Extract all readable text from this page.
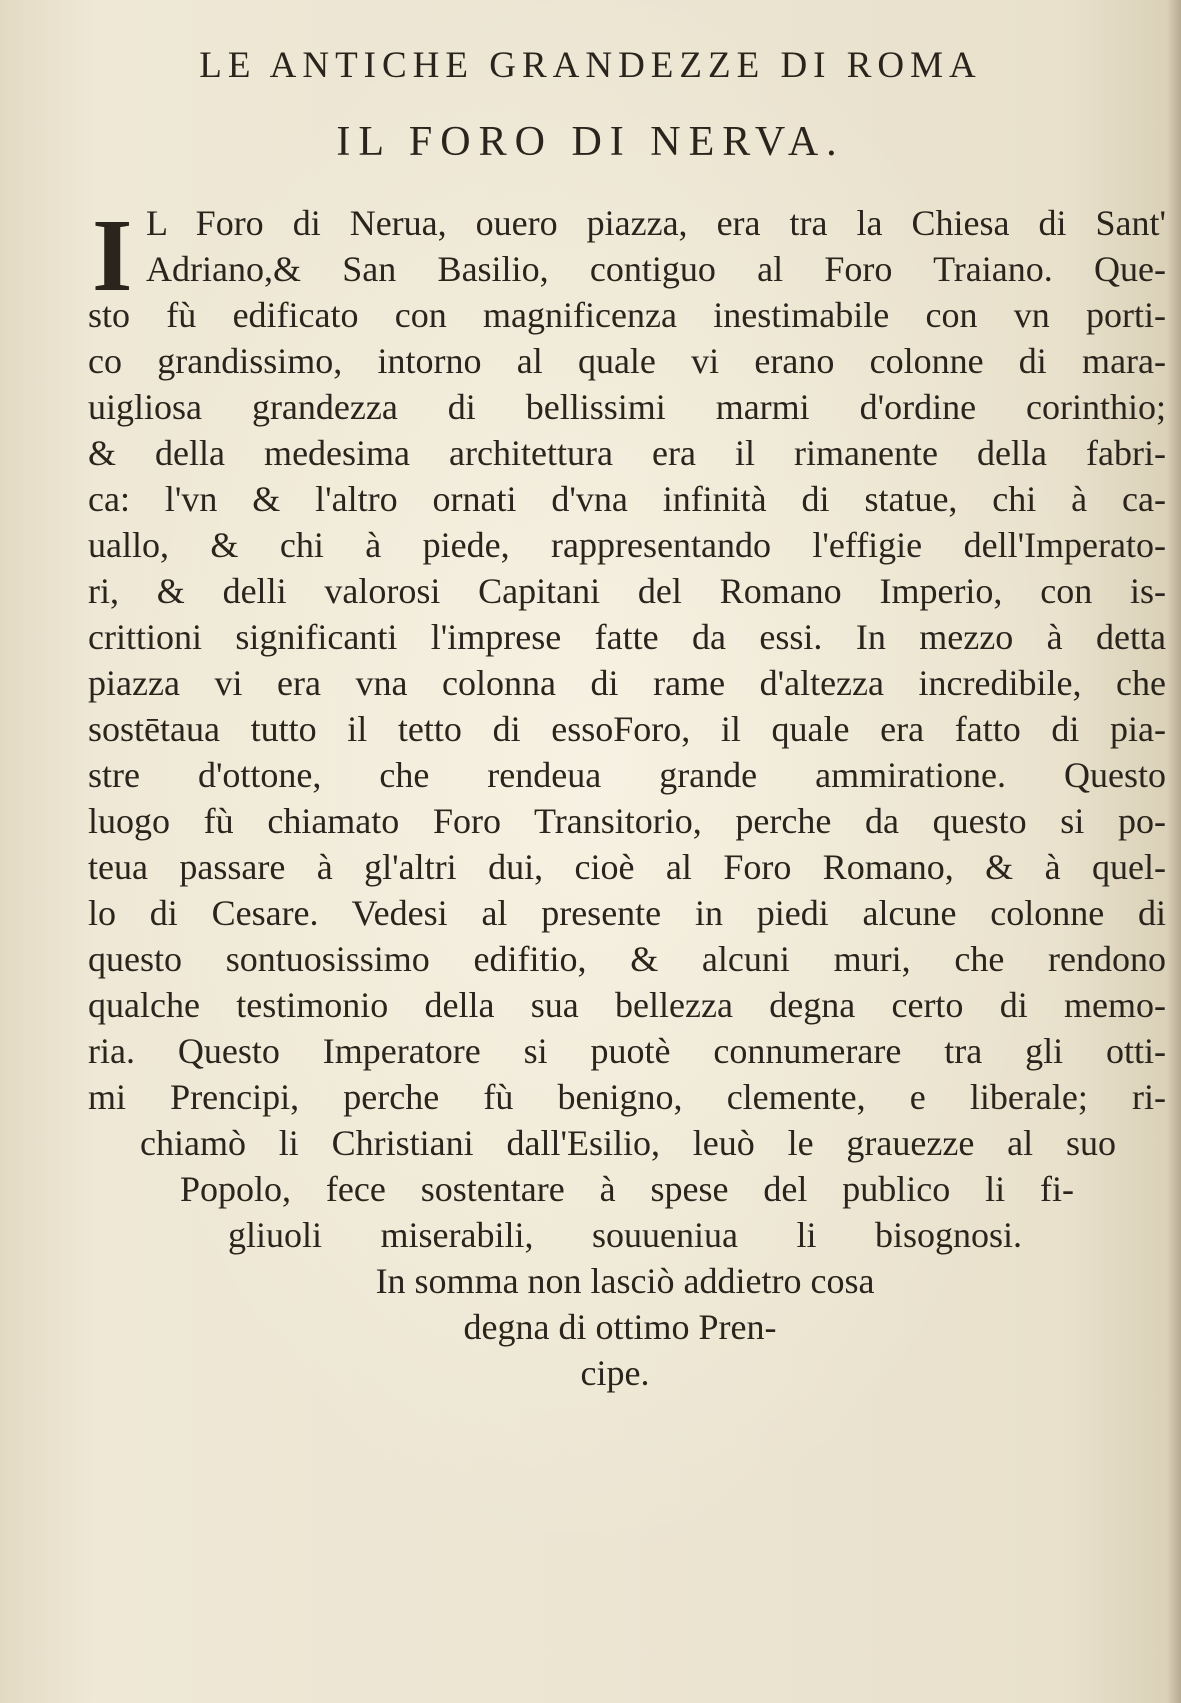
LE ANTICHE GRANDEZZE DI ROMA
IL FORO DI NERVA.
I L Foro di Nerua, ouero piazza, era tra la Chiesa di Sant'
Adriano,& San Basilio, contiguo al Foro Traiano. Que-
sto fù edificato con magnificenza inestimabile con vn porti-
co grandissimo, intorno al quale vi erano colonne di mara-
uigliosa grandezza di bellissimi marmi d'ordine corinthio;
& della medesima architettura era il rimanente della fabri-
ca: l'vn & l'altro ornati d'vna infinità di statue, chi à ca-
uallo, & chi à piede, rappresentando l'effigie dell'Imperato-
ri, & delli valorosi Capitani del Romano Imperio, con is-
crittioni significanti l'imprese fatte da essi. In mezzo à detta
piazza vi era vna colonna di rame d'altezza incredibile, che
sostētaua tutto il tetto di essoForo, il quale era fatto di pia-
stre d'ottone, che rendeua grande ammiratione. Questo
luogo fù chiamato Foro Transitorio, perche da questo si po-
teua passare à gl'altri dui, cioè al Foro Romano, & à quel-
lo di Cesare. Vedesi al presente in piedi alcune colonne di
questo sontuosissimo edifitio, & alcuni muri, che rendono
qualche testimonio della sua bellezza degna certo di memo-
ria. Questo Imperatore si puotè connumerare tra gli otti-
mi Prencipi, perche fù benigno, clemente, e liberale; ri-
chiamò li Christiani dall'Esilio, leuò le grauezze al suo
Popolo, fece sostentare à spese del publico li fi-
gliuoli miserabili, souueniua li bisognosi.
In somma non lasciò addietro cosa
degna di ottimo Pren-
cipe.
